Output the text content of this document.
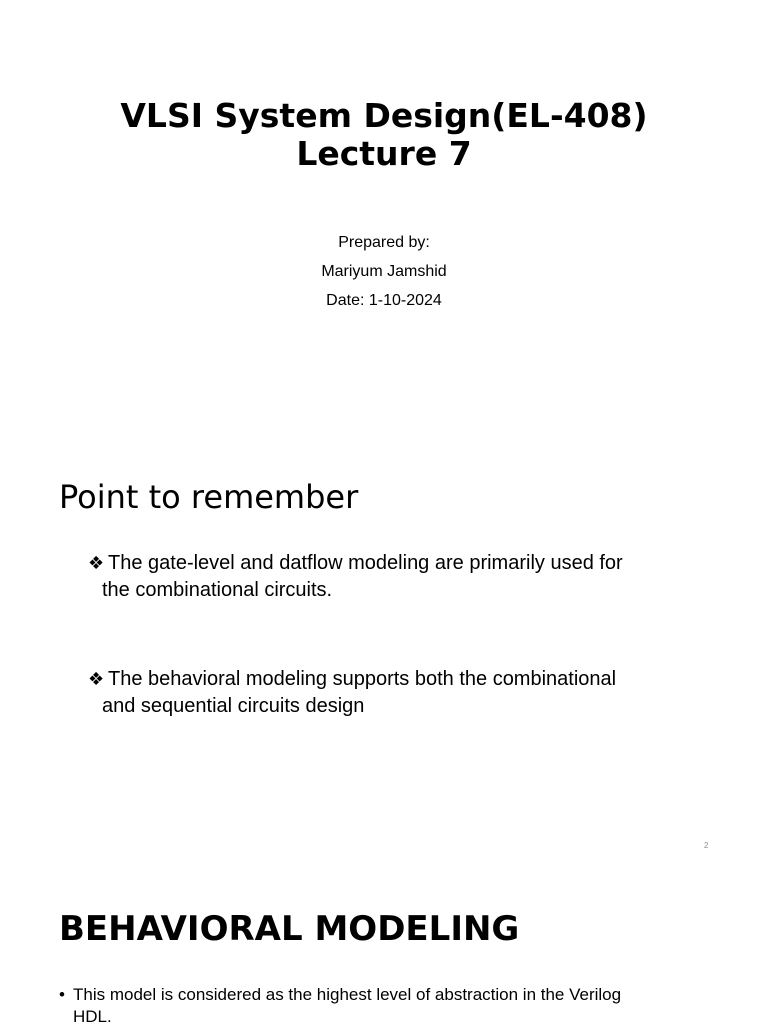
VLSI System Design(EL-408)
Lecture 7
Prepared by:
Mariyum Jamshid
Date: 1-10-2024
Point to remember
❖ The gate-level and datflow modeling are primarily used for
the combinational circuits.
❖ The behavioral modeling supports both the combinational
and sequential circuits design
2
BEHAVIORAL MODELING
• This model is considered as the highest level of abstraction in the Verilog
HDL.
